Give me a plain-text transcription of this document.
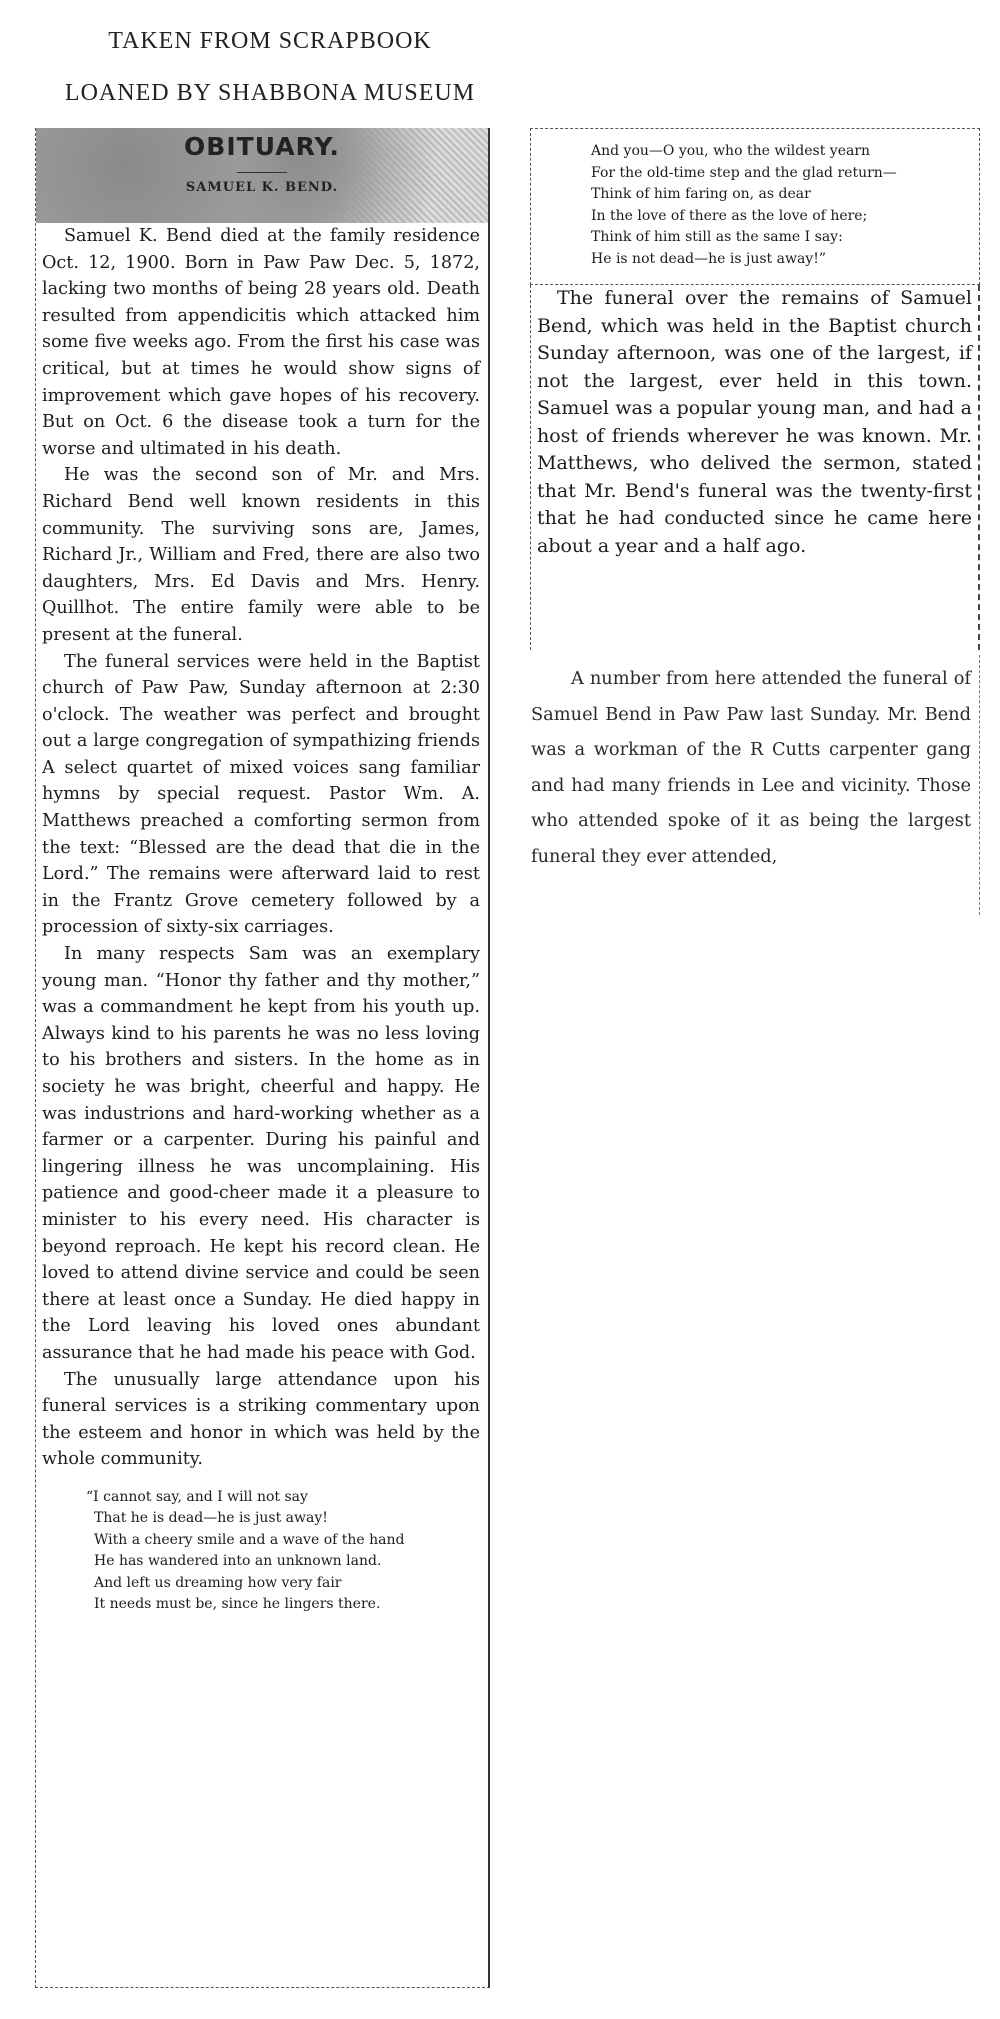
TAKEN FROM SCRAPBOOK
LOANED BY SHABBONA MUSEUM
OBITUARY.
SAMUEL K. BEND.

Samuel K. Bend died at the family residence Oct. 12, 1900. Born in Paw Paw Dec. 5, 1872, lacking two months of being 28 years old. Death resulted from appendicitis which attacked him some five weeks ago. From the first his case was critical, but at times he would show signs of improvement which gave hopes of his recovery. But on Oct. 6 the disease took a turn for the worse and ultimated in his death.

He was the second son of Mr. and Mrs. Richard Bend well known residents in this community. The surviving sons are, James, Richard Jr., William and Fred, there are also two daughters, Mrs. Ed Davis and Mrs. Henry. Quillhot. The entire family were able to be present at the funeral.

The funeral services were held in the Baptist church of Paw Paw, Sunday afternoon at 2:30 o'clock. The weather was perfect and brought out a large congregation of sympathizing friends A select quartet of mixed voices sang familiar hymns by special request. Pastor Wm. A. Matthews preached a comforting sermon from the text: “Blessed are the dead that die in the Lord.” The remains were afterward laid to rest in the Frantz Grove cemetery followed by a procession of sixty-six carriages.

In many respects Sam was an exemplary young man. “Honor thy father and thy mother,” was a commandment he kept from his youth up. Always kind to his parents he was no less loving to his brothers and sisters. In the home as in society he was bright, cheerful and happy. He was industrions and hard-working whether as a farmer or a carpenter. During his painful and lingering illness he was uncomplaining. His patience and good-cheer made it a pleasure to minister to his every need. His character is beyond reproach. He kept his record clean. He loved to attend divine service and could be seen there at least once a Sunday. He died happy in the Lord leaving his loved ones abundant assurance that he had made his peace with God.

The unusually large attendance upon his funeral services is a striking commentary upon the esteem and honor in which was held by the whole community.

“I cannot say, and I will not say
That he is dead—he is just away!
With a cheery smile and a wave of the hand
He has wandered into an unknown land.
And left us dreaming how very fair
It needs must be, since he lingers there.
And you—O you, who the wildest yearn
For the old-time step and the glad return—
Think of him faring on, as dear
In the love of there as the love of here;
Think of him still as the same I say:
He is not dead—he is just away!”

The funeral over the remains of Samuel Bend, which was held in the Baptist church Sunday afternoon, was one of the largest, if not the largest, ever held in this town. Samuel was a popular young man, and had a host of friends wherever he was known. Mr. Matthews, who delived the sermon, stated that Mr. Bend's funeral was the twenty-first that he had conducted since he came here about a year and a half ago.

A number from here attended the funeral of Samuel Bend in Paw Paw last Sunday. Mr. Bend was a workman of the R Cutts carpenter gang and had many friends in Lee and vicinity. Those who attended spoke of it as being the largest funeral they ever attended,
